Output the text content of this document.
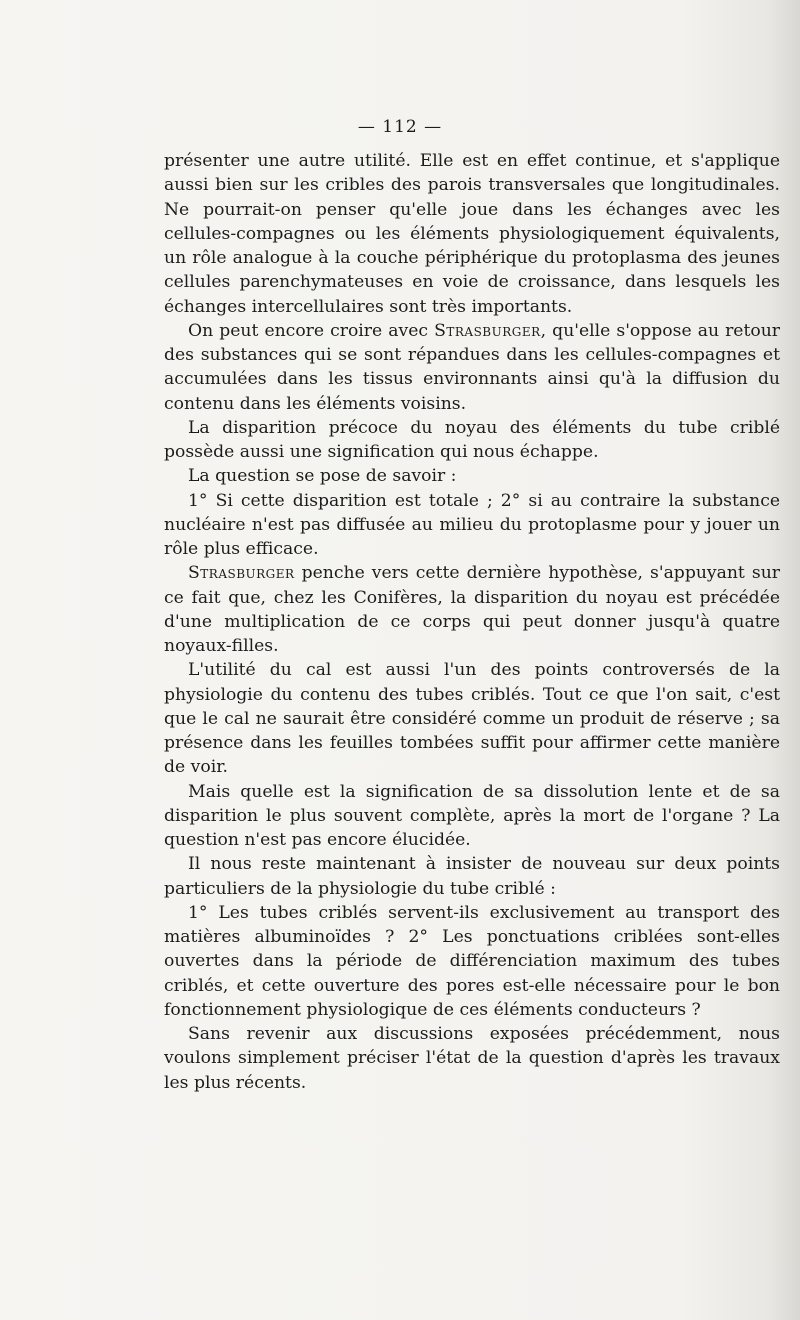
— 112 —

présenter une autre utilité. Elle est en effet continue, et s'applique aussi bien sur les cribles des parois transversales que longitudinales. Ne pourrait-on penser qu'elle joue dans les échanges avec les cellules-compagnes ou les éléments physiologiquement équivalents, un rôle analogue à la couche périphérique du protoplasma des jeunes cellules parenchymateuses en voie de croissance, dans lesquels les échanges intercellulaires sont très importants.

On peut encore croire avec Strasburger, qu'elle s'oppose au retour des substances qui se sont répandues dans les cellules-compagnes et accumulées dans les tissus environnants ainsi qu'à la diffusion du contenu dans les éléments voisins.

La disparition précoce du noyau des éléments du tube criblé possède aussi une signification qui nous échappe.

La question se pose de savoir :

1° Si cette disparition est totale ; 2° si au contraire la substance nucléaire n'est pas diffusée au milieu du protoplasme pour y jouer un rôle plus efficace.

Strasburger penche vers cette dernière hypothèse, s'appuyant sur ce fait que, chez les Conifères, la disparition du noyau est précédée d'une multiplication de ce corps qui peut donner jusqu'à quatre noyaux-filles.

L'utilité du cal est aussi l'un des points controversés de la physiologie du contenu des tubes criblés. Tout ce que l'on sait, c'est que le cal ne saurait être considéré comme un produit de réserve ; sa présence dans les feuilles tombées suffit pour affirmer cette manière de voir.

Mais quelle est la signification de sa dissolution lente et de sa disparition le plus souvent complète, après la mort de l'organe ? La question n'est pas encore élucidée.

Il nous reste maintenant à insister de nouveau sur deux points particuliers de la physiologie du tube criblé :

1° Les tubes criblés servent-ils exclusivement au transport des matières albuminoïdes ? 2° Les ponctuations criblées sont-elles ouvertes dans la période de différenciation maximum des tubes criblés, et cette ouverture des pores est-elle nécessaire pour le bon fonctionnement physiologique de ces éléments conducteurs ?

Sans revenir aux discussions exposées précédemment, nous voulons simplement préciser l'état de la question d'après les travaux les plus récents.
